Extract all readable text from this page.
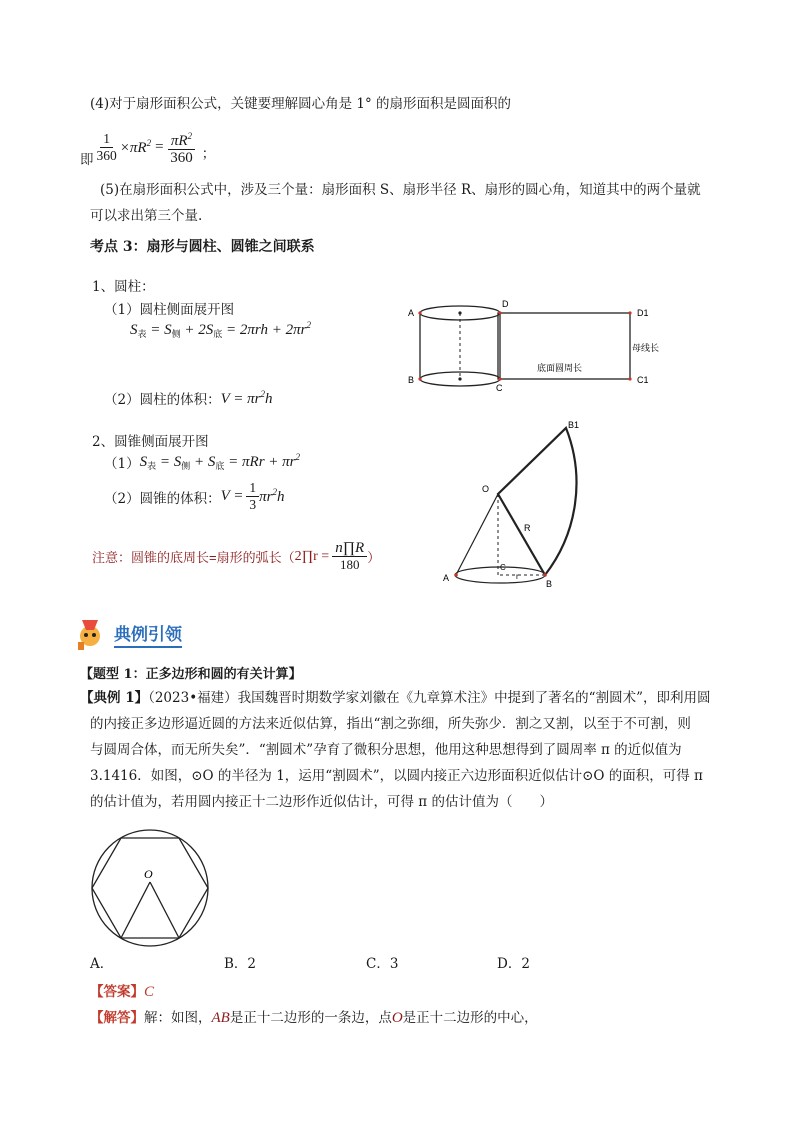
(4)对于扇形面积公式，关键要理解圆心角是 1° 的扇形面积是圆面积的
即 $\frac{1}{360} \times\pi R^2 = \frac{\pi R^2}{360}$ ；
(5)在扇形面积公式中，涉及三个量：扇形面积 S、扇形半径 R、扇形的圆心角，知道其中的两个量就
可以求出第三个量.
考点 3：扇形与圆柱、圆锥之间联系
1、圆柱：
（1）圆柱侧面展开图
$S_表 = S_侧 + 2S_底 = 2\pi rh + 2\pi r^2$
（2）圆柱的体积： $V = \pi r^2h$
A
B
C
D
D1
C1
底面圆周长
母线长
2、圆锥侧面展开图
（1） $S_表 = S_侧 + S_底 = \pi Rr + \pi r^2$
（2）圆锥的体积： $V = \frac{1}{3} \pi r^2h$
注意：圆锥的底周长=扇形的弧长（ 2∏r = $\frac{n\prod R}{180}$ ）
O
B1
R
C
r
A
B
典例引领
【题型 1：正多边形和圆的有关计算】
【典例 1】（2023•福建）我国魏晋时期数学家刘徽在《九章算术注》中提到了著名的“割圆术”，即利用圆
的内接正多边形逼近圆的方法来近似估算，指出“割之弥细，所失弥少．割之又割，以至于不可割，则
与圆周合体，而无所失矣”．“割圆术”孕育了微积分思想，他用这种思想得到了圆周率 π 的近似值为
3.1416．如图，⊙O 的半径为 1，运用“割圆术”，以圆内接正六边形面积近似估计⊙O 的面积，可得 π
的估计值为，若用圆内接正十二边形作近似估计，可得 π 的估计值为（　　）
O
A．	B．2	C．3	D．2
【答案】C
【解答】解：如图，AB是正十二边形的一条边，点O是正十二边形的中心，
